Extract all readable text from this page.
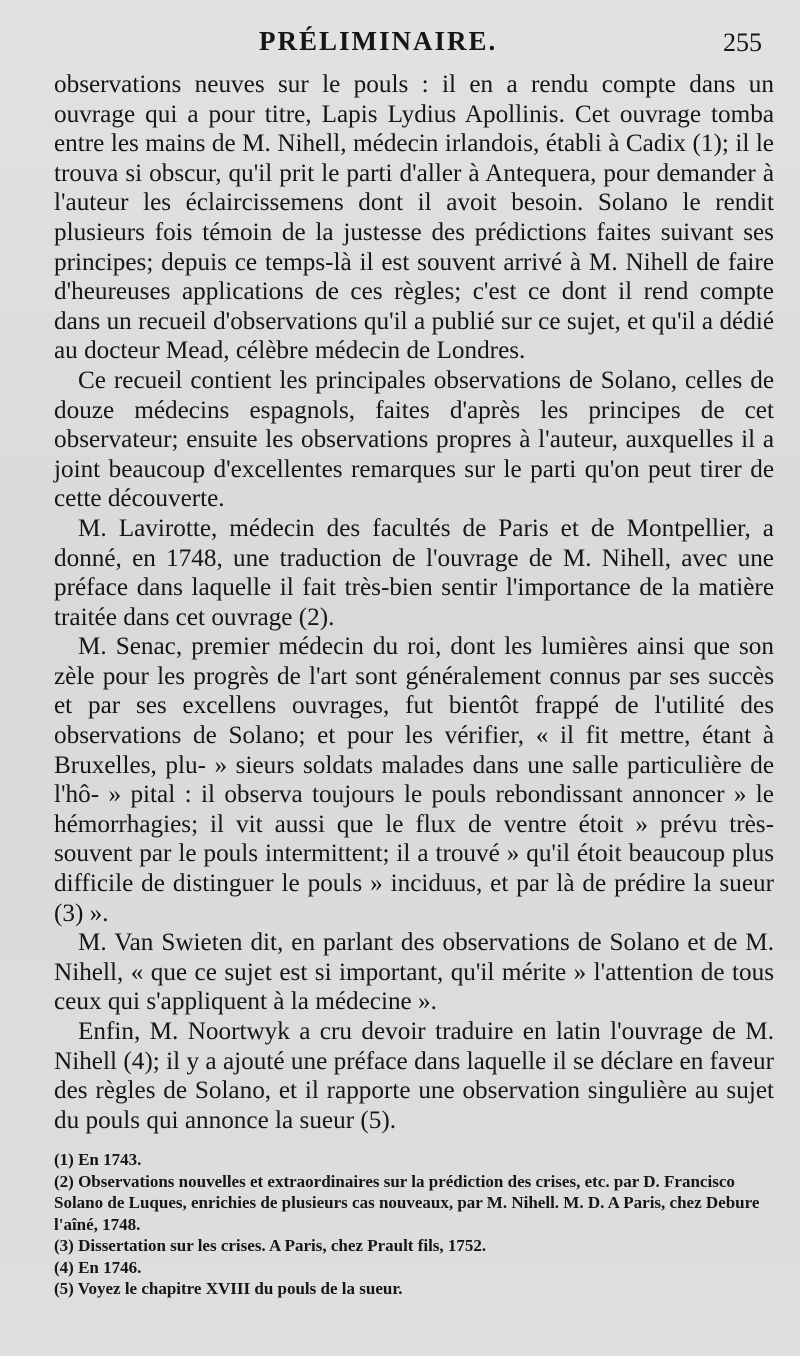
PRÉLIMINAIRE.	255

observations neuves sur le pouls : il en a rendu compte dans un ouvrage qui a pour titre, Lapis Lydius Apollinis. Cet ouvrage tomba entre les mains de M. Nihell, médecin irlandois, établi à Cadix (1); il le trouva si obscur, qu'il prit le parti d'aller à Antequera, pour demander à l'auteur les éclaircissemens dont il avoit besoin. Solano le rendit plusieurs fois témoin de la justesse des prédictions faites suivant ses principes; depuis ce temps-là il est souvent arrivé à M. Nihell de faire d'heureuses applications de ces règles; c'est ce dont il rend compte dans un recueil d'observations qu'il a publié sur ce sujet, et qu'il a dédié au docteur Mead, célèbre médecin de Londres.

Ce recueil contient les principales observations de Solano, celles de douze médecins espagnols, faites d'après les principes de cet observateur; ensuite les observations propres à l'auteur, auxquelles il a joint beaucoup d'excellentes remarques sur le parti qu'on peut tirer de cette découverte.

M. Lavirotte, médecin des facultés de Paris et de Montpellier, a donné, en 1748, une traduction de l'ouvrage de M. Nihell, avec une préface dans laquelle il fait très-bien sentir l'importance de la matière traitée dans cet ouvrage (2).

M. Senac, premier médecin du roi, dont les lumières ainsi que son zèle pour les progrès de l'art sont généralement connus par ses succès et par ses excellens ouvrages, fut bientôt frappé de l'utilité des observations de Solano; et pour les vérifier, « il fit mettre, étant à Bruxelles, plu- » sieurs soldats malades dans une salle particulière de l'hô- » pital : il observa toujours le pouls rebondissant annoncer » le hémorrhagies; il vit aussi que le flux de ventre étoit » prévu très-souvent par le pouls intermittent; il a trouvé » qu'il étoit beaucoup plus difficile de distinguer le pouls » inciduus, et par là de prédire la sueur (3) ».

M. Van Swieten dit, en parlant des observations de Solano et de M. Nihell, « que ce sujet est si important, qu'il mérite » l'attention de tous ceux qui s'appliquent à la médecine ».

Enfin, M. Noortwyk a cru devoir traduire en latin l'ouvrage de M. Nihell (4); il y a ajouté une préface dans laquelle il se déclare en faveur des règles de Solano, et il rapporte une observation singulière au sujet du pouls qui annonce la sueur (5).

(1) En 1743.

(2) Observations nouvelles et extraordinaires sur la prédiction des crises, etc. par D. Francisco Solano de Luques, enrichies de plusieurs cas nouveaux, par M. Nihell. M. D. A Paris, chez Debure l'aîné, 1748.

(3) Dissertation sur les crises. A Paris, chez Prault fils, 1752.

(4) En 1746.

(5) Voyez le chapitre XVIII du pouls de la sueur.
